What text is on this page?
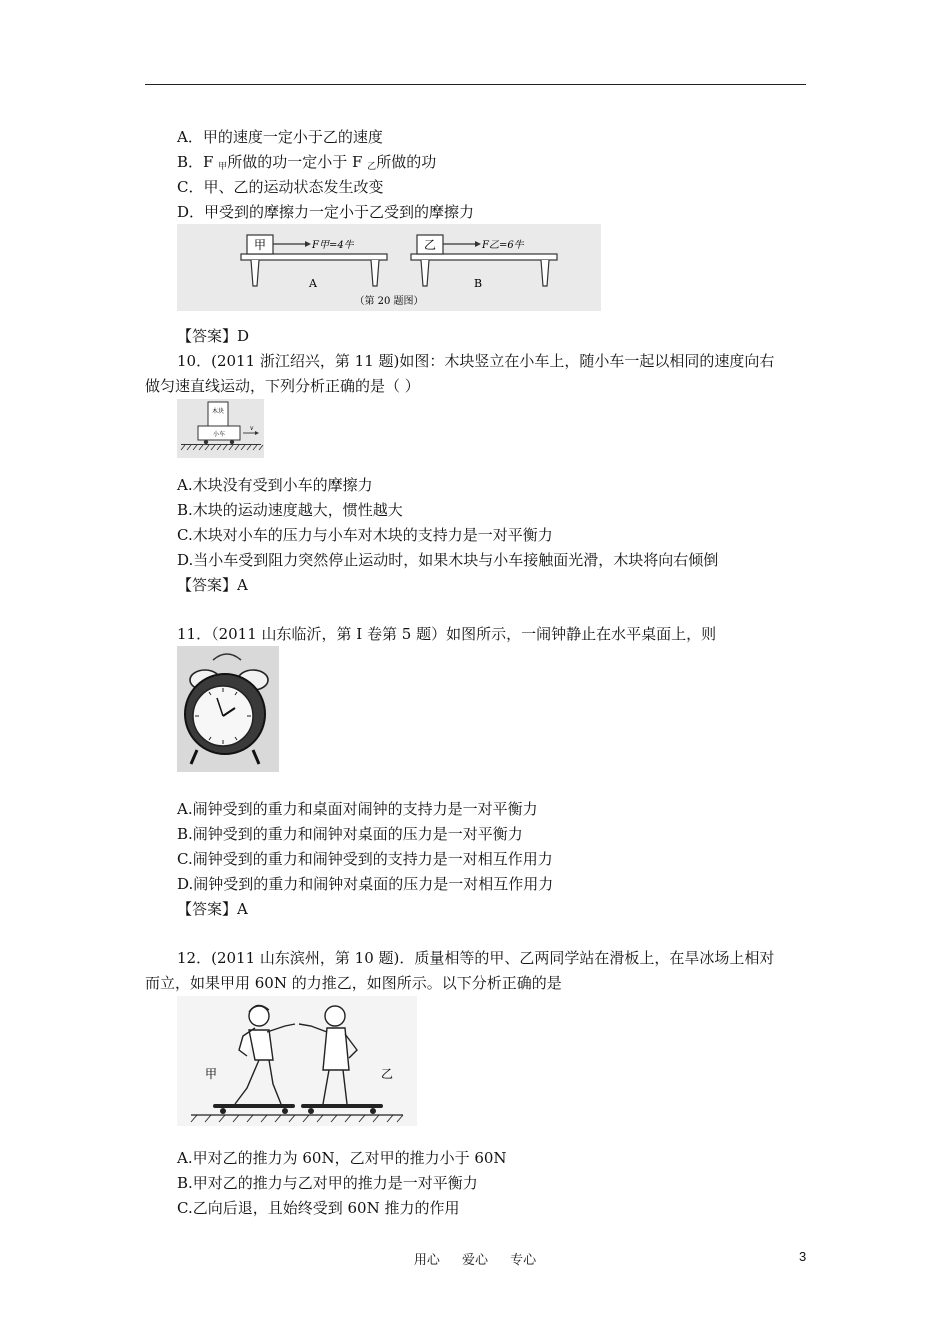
A．甲的速度一定小于乙的速度
B．F $_甲$所做的功一定小于 F $_乙$所做的功
C．甲、乙的运动状态发生改变
D．甲受到的摩擦力一定小于乙受到的摩擦力
甲	F甲=4牛
A
乙	F乙=6牛
B
（第 20 题图）
【答案】D
10．(2011 浙江绍兴，第 11 题)如图：木块竖立在小车上，随小车一起以相同的速度向右
做匀速直线运动，下列分析正确的是（ ）
木块
小车
v
A.木块没有受到小车的摩擦力
B.木块的运动速度越大，惯性越大
C.木块对小车的压力与小车对木块的支持力是一对平衡力
D.当小车受到阻力突然停止运动时，如果木块与小车接触面光滑，木块将向右倾倒
【答案】A
11．（2011 山东临沂，第 I 卷第 5 题）如图所示，一闹钟静止在水平桌面上，则
A.闹钟受到的重力和桌面对闹钟的支持力是一对平衡力
B.闹钟受到的重力和闹钟对桌面的压力是一对平衡力
C.闹钟受到的重力和闹钟受到的支持力是一对相互作用力
D.闹钟受到的重力和闹钟对桌面的压力是一对相互作用力
【答案】A
12．(2011 山东滨州，第 10 题)．质量相等的甲、乙两同学站在滑板上，在旱冰场上相对
而立，如果甲用 60N 的力推乙，如图所示。以下分析正确的是
甲	乙
A.甲对乙的推力为 60N，乙对甲的推力小于 60N
B.甲对乙的推力与乙对甲的推力是一对平衡力
C.乙向后退，且始终受到 60N 推力的作用
用心 爱心 专心	3
